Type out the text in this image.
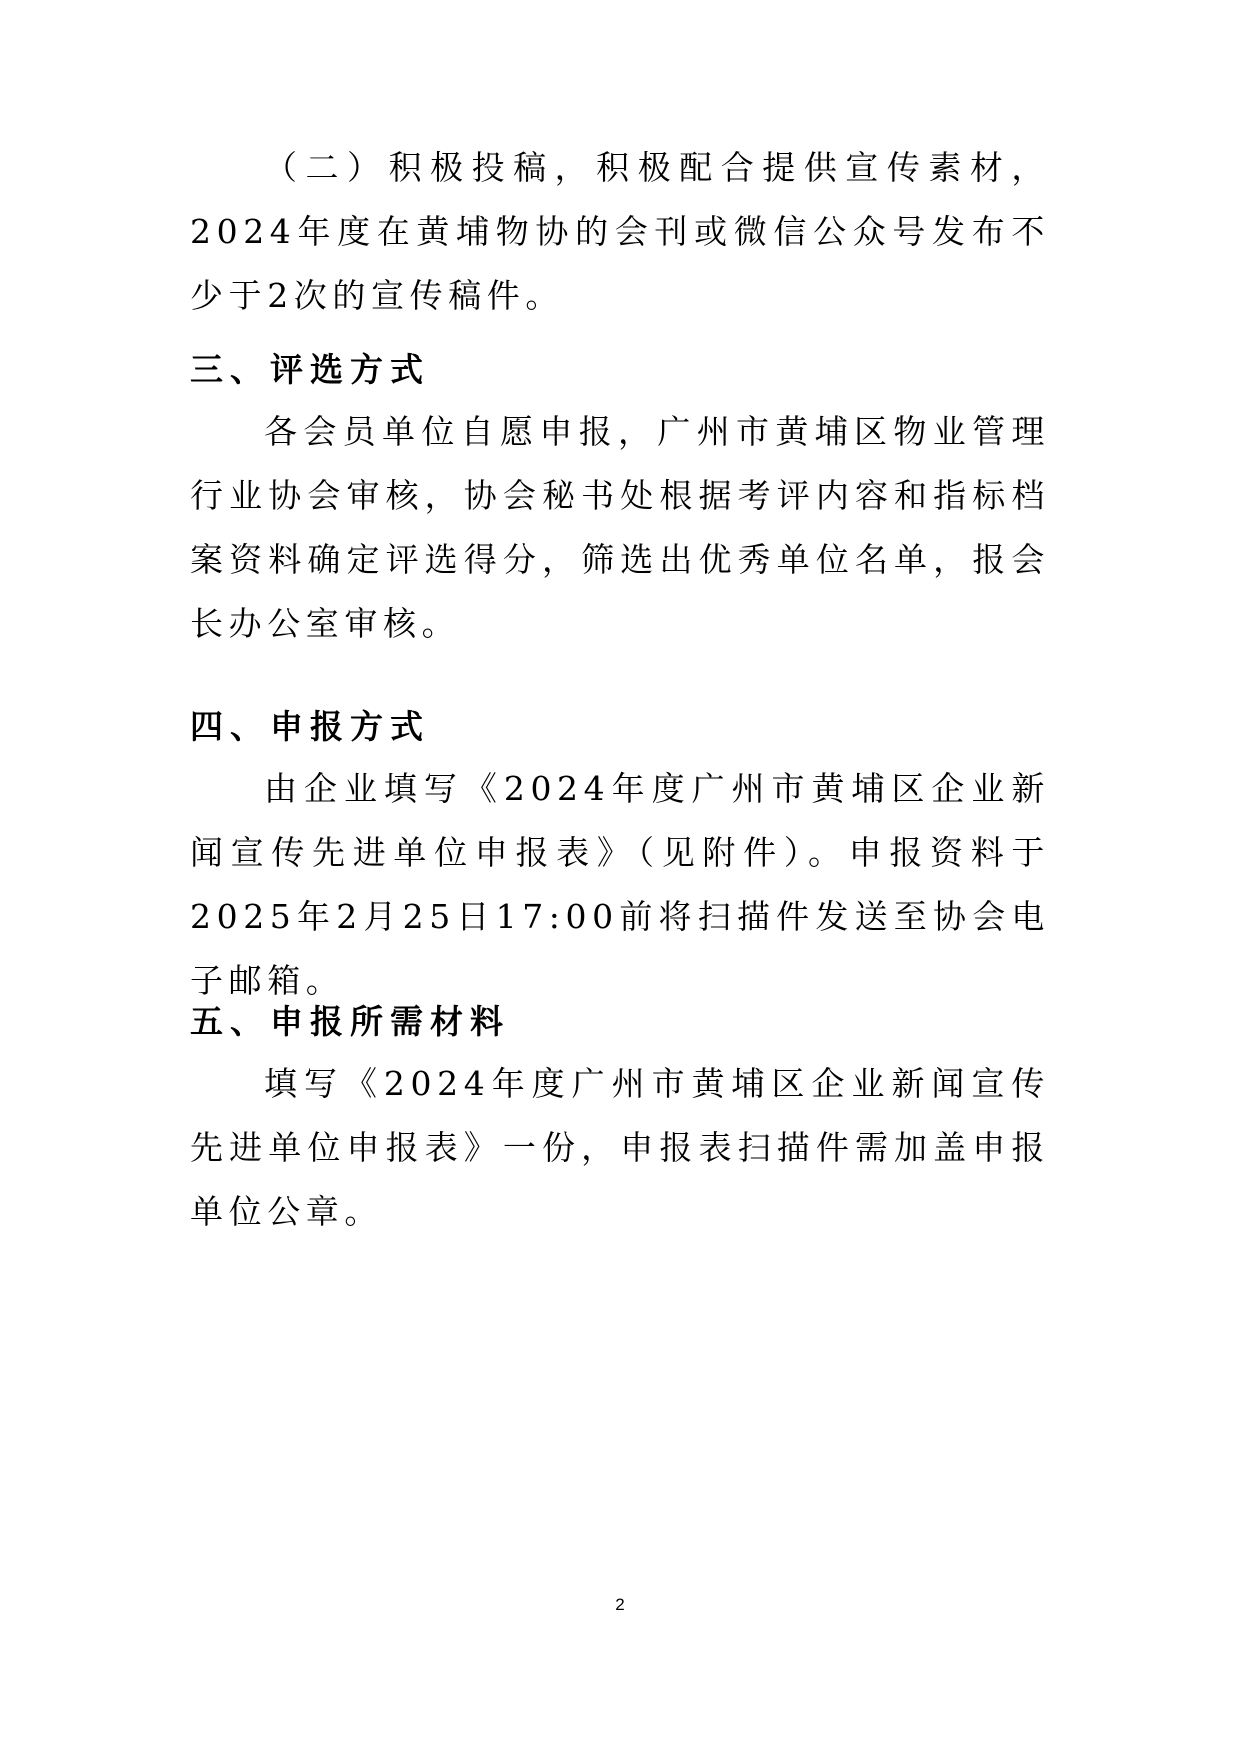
（二）积极投稿，积极配合提供宣传素材，2024年度在黄埔物协的会刊或微信公众号发布不少于2次的宣传稿件。

三、评选方式

各会员单位自愿申报，广州市黄埔区物业管理行业协会审核，协会秘书处根据考评内容和指标档案资料确定评选得分，筛选出优秀单位名单，报会长办公室审核。

四、申报方式

由企业填写《2024年度广州市黄埔区企业新闻宣传先进单位申报表》（见附件）。申报资料于2025年2月25日17:00前将扫描件发送至协会电子邮箱。

五、申报所需材料

填写《2024年度广州市黄埔区企业新闻宣传先进单位申报表》一份，申报表扫描件需加盖申报单位公章。

2
